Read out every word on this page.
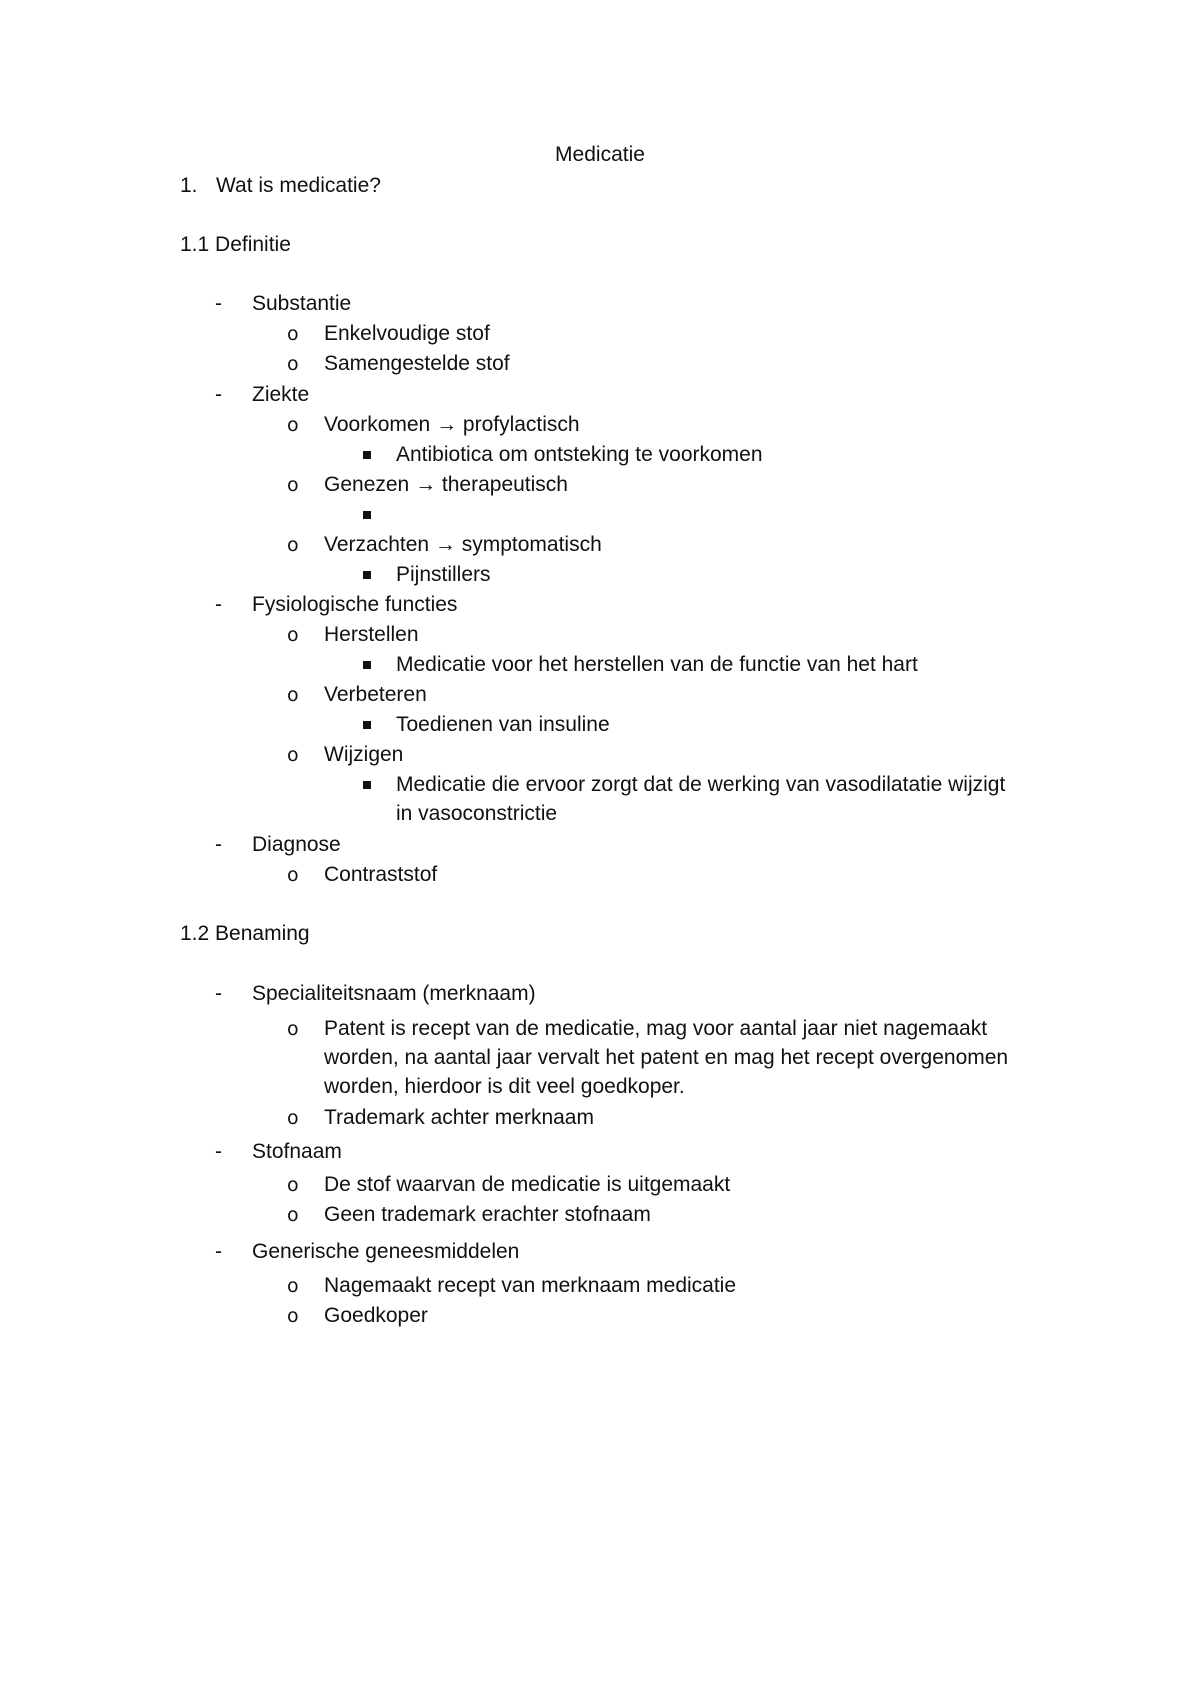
Medicatie
1. Wat is medicatie?
1.1 Definitie
-	Substantie
o Enkelvoudige stof
o Samengestelde stof
-	Ziekte
o Voorkomen → profylactisch
Antibiotica om ontsteking te voorkomen
o Genezen → therapeutisch
o Verzachten → symptomatisch
Pijnstillers
-	Fysiologische functies
o Herstellen
Medicatie voor het herstellen van de functie van het hart
o Verbeteren
Toedienen van insuline
o Wijzigen
Medicatie die ervoor zorgt dat de werking van vasodilatatie wijzigt
in vasoconstrictie
-	Diagnose
o Contraststof
1.2 Benaming
-	Specialiteitsnaam (merknaam)
o Patent is recept van de medicatie, mag voor aantal jaar niet nagemaakt
worden, na aantal jaar vervalt het patent en mag het recept overgenomen
worden, hierdoor is dit veel goedkoper.
o Trademark achter merknaam
-	Stofnaam
o De stof waarvan de medicatie is uitgemaakt
o Geen trademark erachter stofnaam
-	Generische geneesmiddelen
o Nagemaakt recept van merknaam medicatie
o Goedkoper
